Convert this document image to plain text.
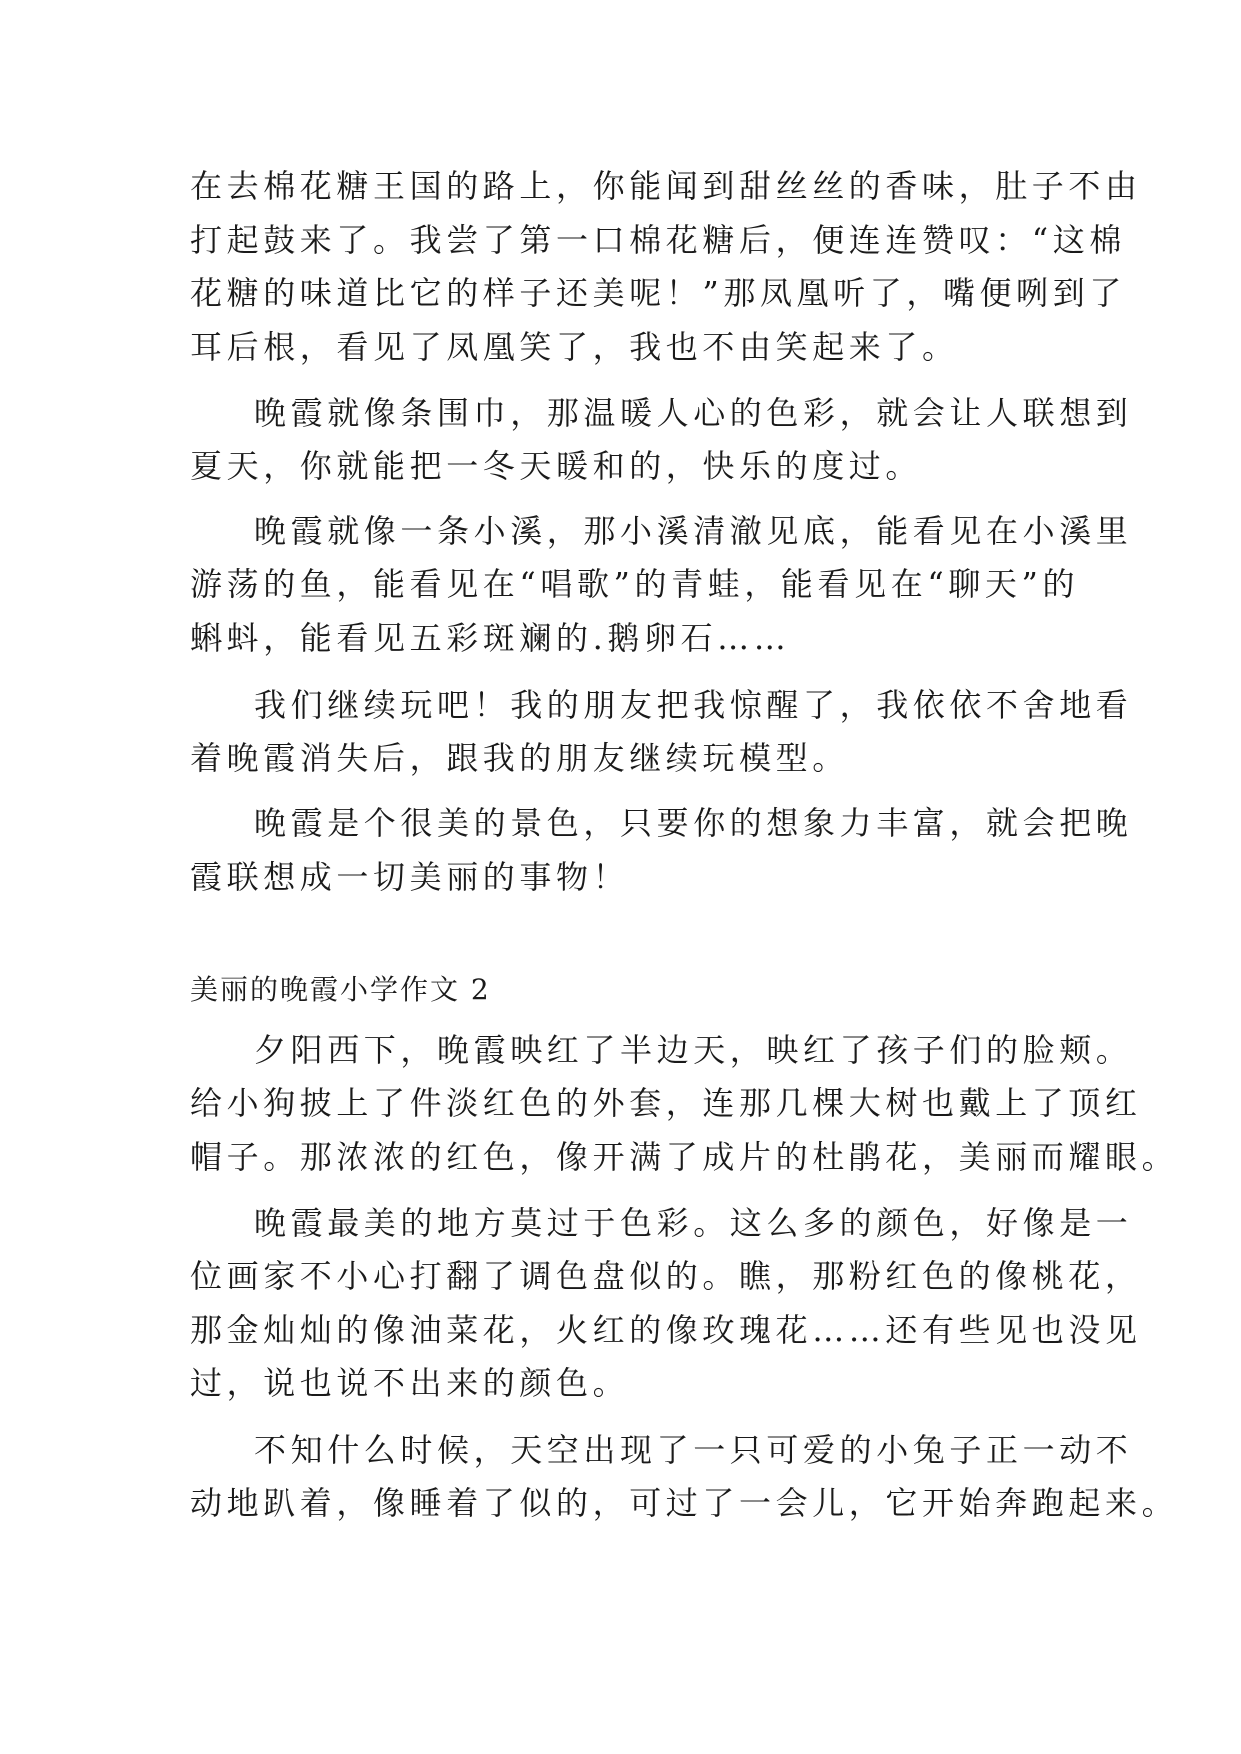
在去棉花糖王国的路上，你能闻到甜丝丝的香味，肚子不由
打起鼓来了。我尝了第一口棉花糖后，便连连赞叹：“这棉
花糖的味道比它的样子还美呢！”那凤凰听了，嘴便咧到了
耳后根，看见了凤凰笑了，我也不由笑起来了。
晚霞就像条围巾，那温暖人心的色彩，就会让人联想到
夏天，你就能把一冬天暖和的，快乐的度过。
晚霞就像一条小溪，那小溪清澈见底，能看见在小溪里
游荡的鱼，能看见在“唱歌”的青蛙，能看见在“聊天”的
蝌蚪，能看见五彩斑斓的.鹅卵石……
我们继续玩吧！我的朋友把我惊醒了，我依依不舍地看
着晚霞消失后，跟我的朋友继续玩模型。
晚霞是个很美的景色，只要你的想象力丰富，就会把晚
霞联想成一切美丽的事物！
美丽的晚霞小学作文 2
夕阳西下，晚霞映红了半边天，映红了孩子们的脸颊。
给小狗披上了件淡红色的外套，连那几棵大树也戴上了顶红
帽子。那浓浓的红色，像开满了成片的杜鹃花，美丽而耀眼。
晚霞最美的地方莫过于色彩。这么多的颜色，好像是一
位画家不小心打翻了调色盘似的。瞧，那粉红色的像桃花，
那金灿灿的像油菜花，火红的像玫瑰花……还有些见也没见
过，说也说不出来的颜色。
不知什么时候，天空出现了一只可爱的小兔子正一动不
动地趴着，像睡着了似的，可过了一会儿，它开始奔跑起来。
